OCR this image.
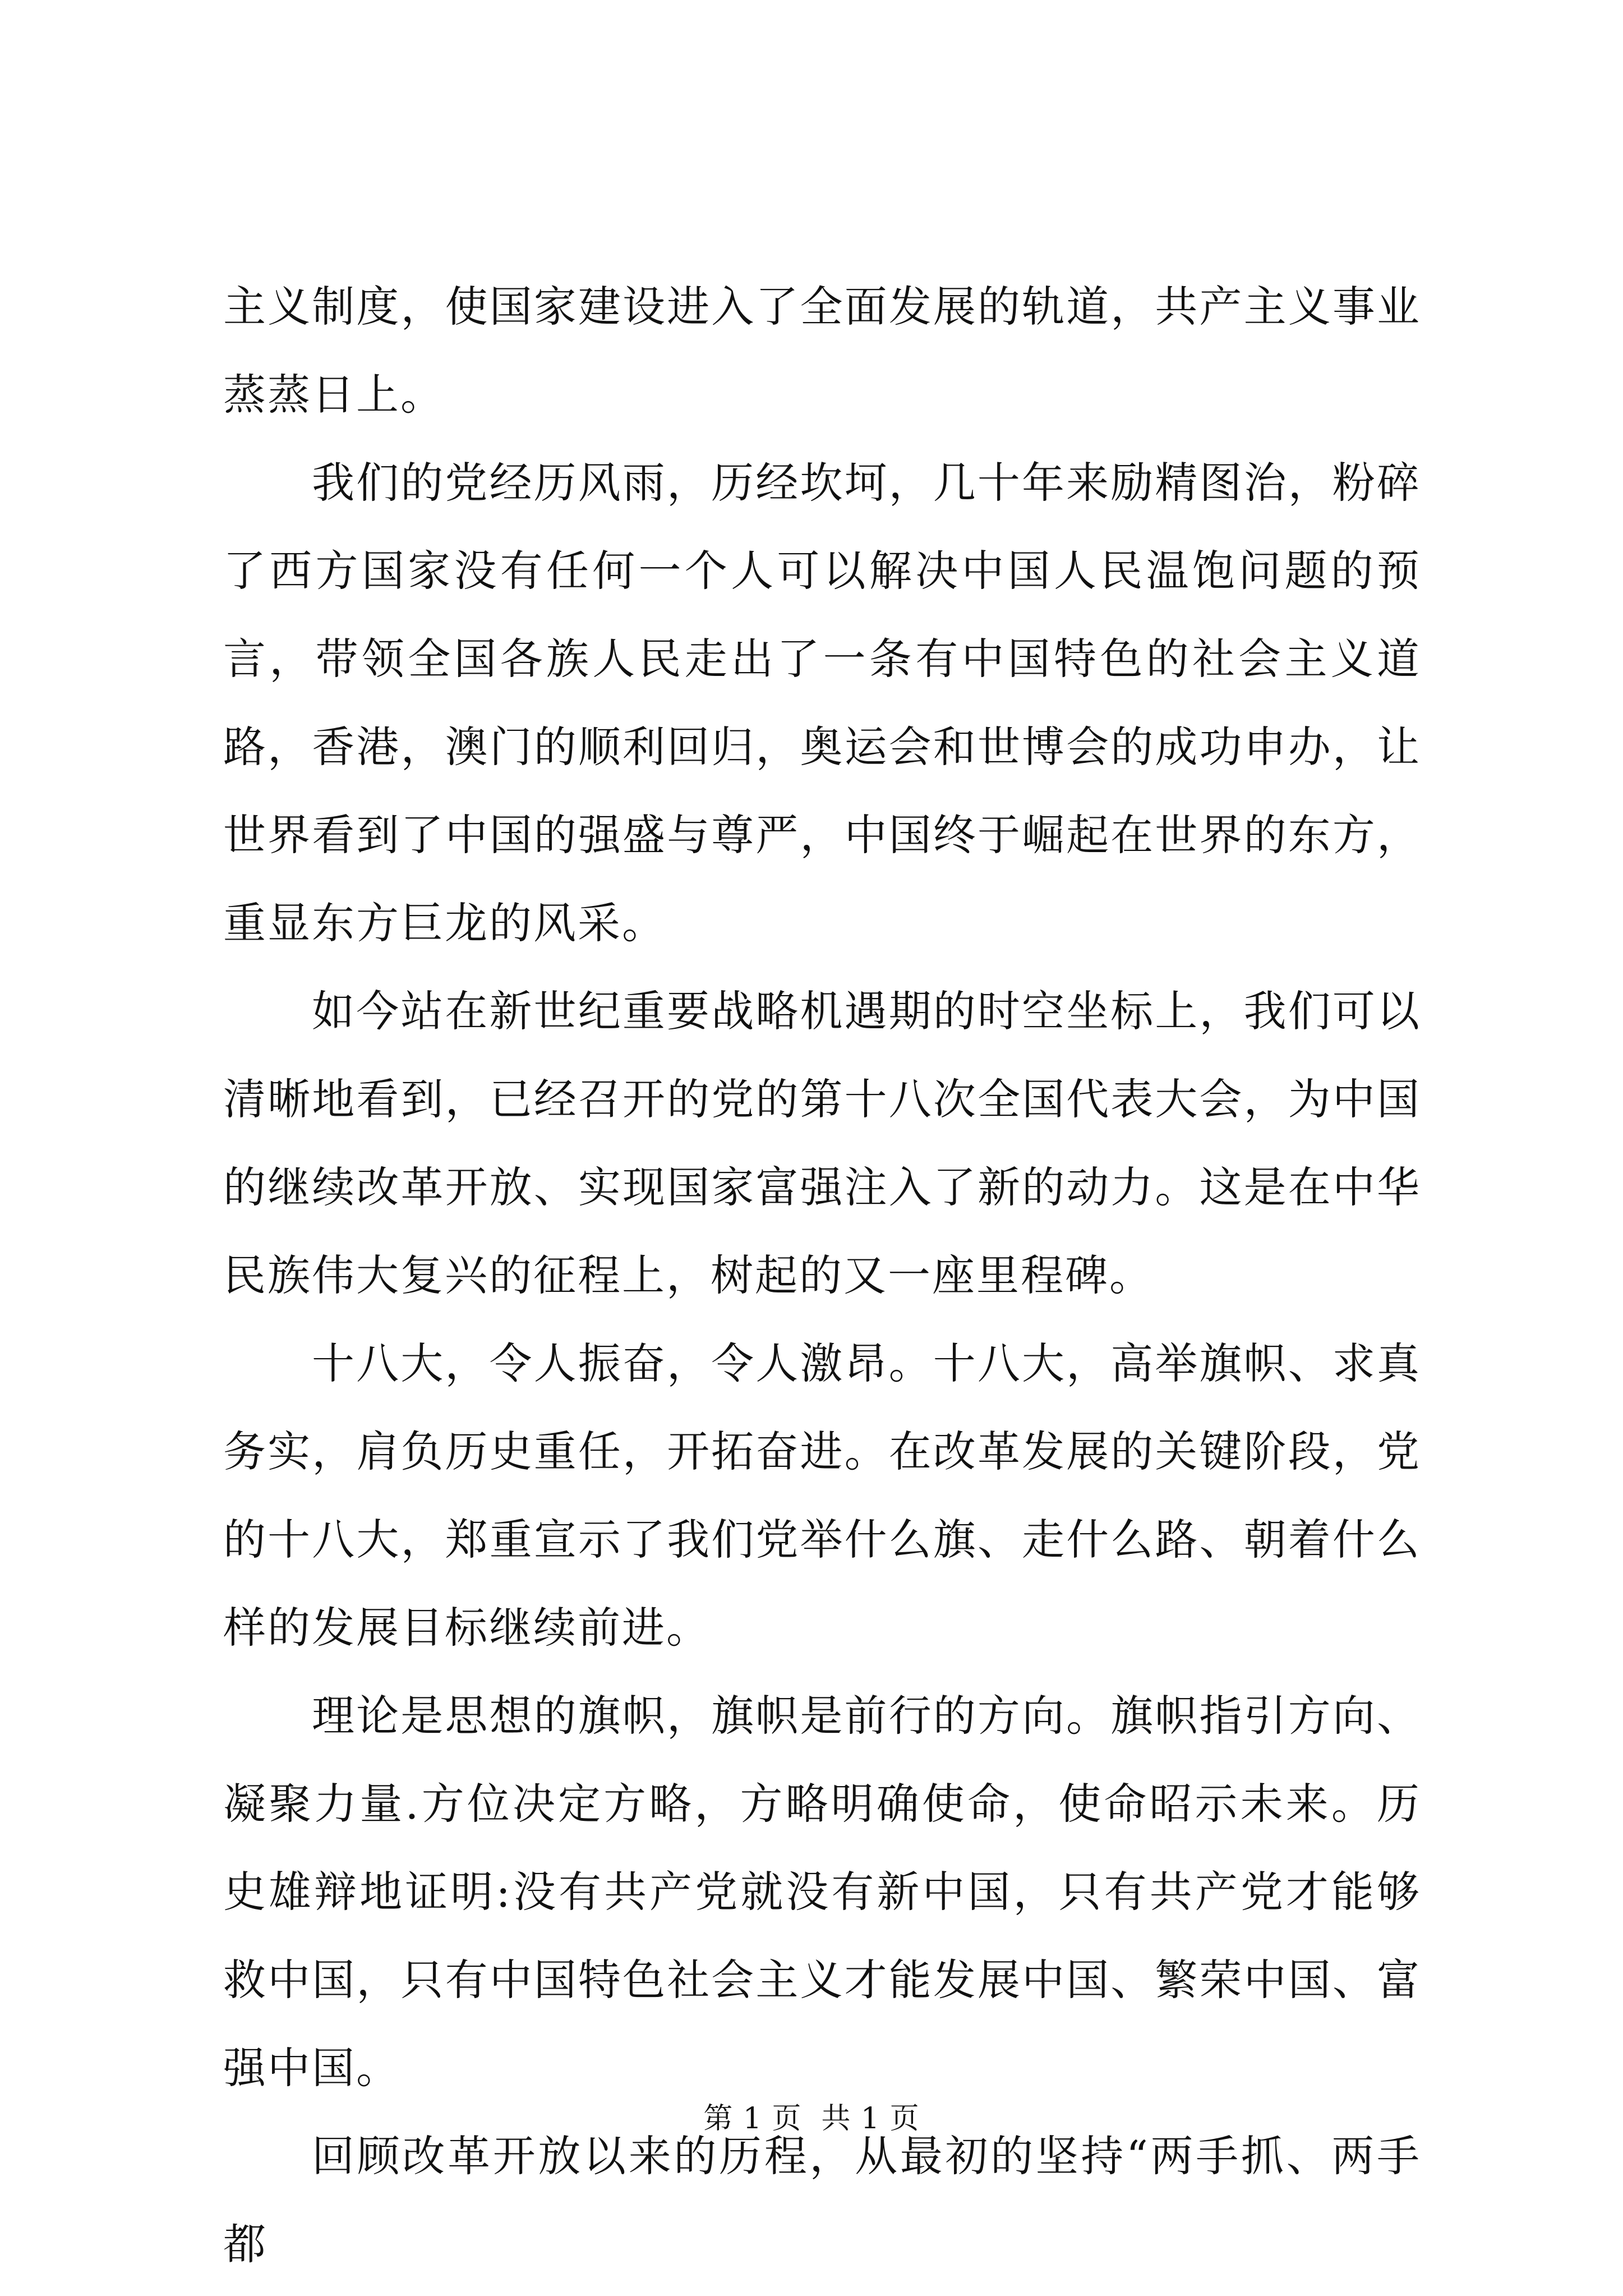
主义制度，使国家建设进入了全面发展的轨道，共产主义事业蒸蒸日上。

我们的党经历风雨，历经坎坷，几十年来励精图治，粉碎了西方国家没有任何一个人可以解决中国人民温饱问题的预言，带领全国各族人民走出了一条有中国特色的社会主义道路，香港，澳门的顺利回归，奥运会和世博会的成功申办，让世界看到了中国的强盛与尊严，中国终于崛起在世界的东方，重显东方巨龙的风采。

如今站在新世纪重要战略机遇期的时空坐标上，我们可以清晰地看到，已经召开的党的第十八次全国代表大会，为中国的继续改革开放、实现国家富强注入了新的动力。这是在中华民族伟大复兴的征程上，树起的又一座里程碑。

十八大，令人振奋，令人激昂。十八大，高举旗帜、求真务实，肩负历史重任，开拓奋进。在改革发展的关键阶段，党的十八大，郑重宣示了我们党举什么旗、走什么路、朝着什么样的发展目标继续前进。

理论是思想的旗帜，旗帜是前行的方向。旗帜指引方向、凝聚力量.方位决定方略，方略明确使命，使命昭示未来。历史雄辩地证明:没有共产党就没有新中国，只有共产党才能够救中国，只有中国特色社会主义才能发展中国、繁荣中国、富强中国。

回顾改革开放以来的历程，从最初的坚持“两手抓、两手都

第 1 页  共 1 页
